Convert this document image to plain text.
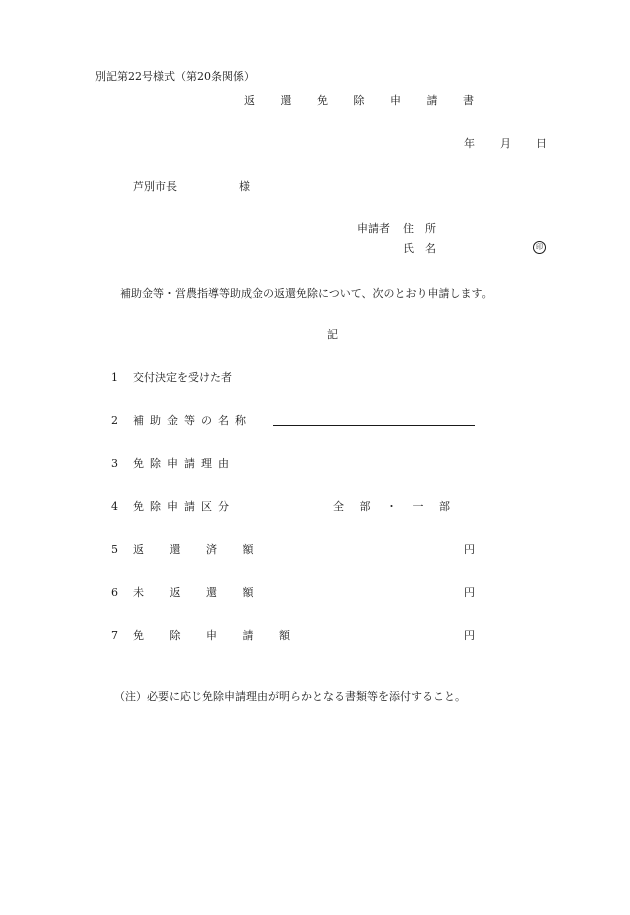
別記第22号様式（第20条関係）
返 還 免 除 申 請 書
年 月 日
芦別市長	様
申請者 住　所
氏　名	印
補助金等・営農指導等助成金の返還免除について、次のとおり申請します。
記
1 交付決定を受けた者
2 補助金等の名称
3 免除申請理由
4 免除申請区分	全 部 ・ 一 部
5 返 還 済 額	円
6 未 返 還 額	円
7 免 除 申 請 額	円
（注）必要に応じ免除申請理由が明らかとなる書類等を添付すること。
